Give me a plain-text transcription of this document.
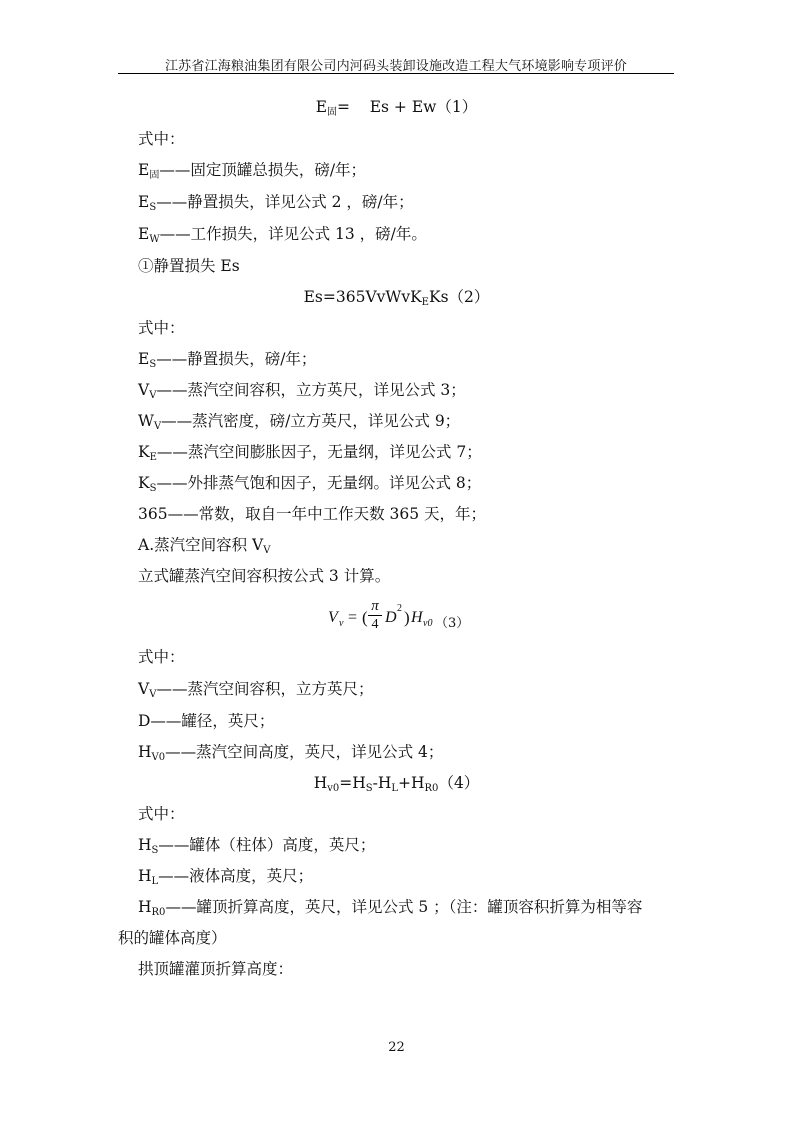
江苏省江海粮油集团有限公司内河码头装卸设施改造工程大气环境影响专项评价
$E_固=$    Es + Ew（1）
式中：
$E_固——$固定顶罐总损失，磅/年；
$E_S——$静置损失，详见公式 2 ，磅/年；
$E_W——$工作损失，详见公式 13 ，磅/年。
①静置损失 Es
Es=365VvWvK$_E$Ks（2）
式中：
$E_S——$静置损失，磅/年；
$V_V——$蒸汽空间容积，立方英尺，详见公式 3；
$W_V——$蒸汽密度，磅/立方英尺，详见公式 9；
$K_E——$蒸汽空间膨胀因子，无量纲，详见公式 7；
$K_S——$外排蒸气饱和因子，无量纲。详见公式 8；
365——常数，取自一年中工作天数 365 天，年；
A.蒸汽空间容积 $V_V$
立式罐蒸汽空间容积按公式 3 计算。
V v = (
π
4 D
2 ) H v0 （3）
式中：
$V_V——$蒸汽空间容积，立方英尺；
D——罐径，英尺；
$H_{V0}——$蒸汽空间高度，英尺，详见公式 4；
$H_{v0}=H_S-H_L+H_{R0}(4)$
式中：
$H_S——$罐体（柱体）高度，英尺；
$H_L——$液体高度，英尺；
$H_{R0}——$罐顶折算高度，英尺，详见公式 5 ；（注：罐顶容积折算为相等容
积的罐体高度）
拱顶罐灌顶折算高度：
22
